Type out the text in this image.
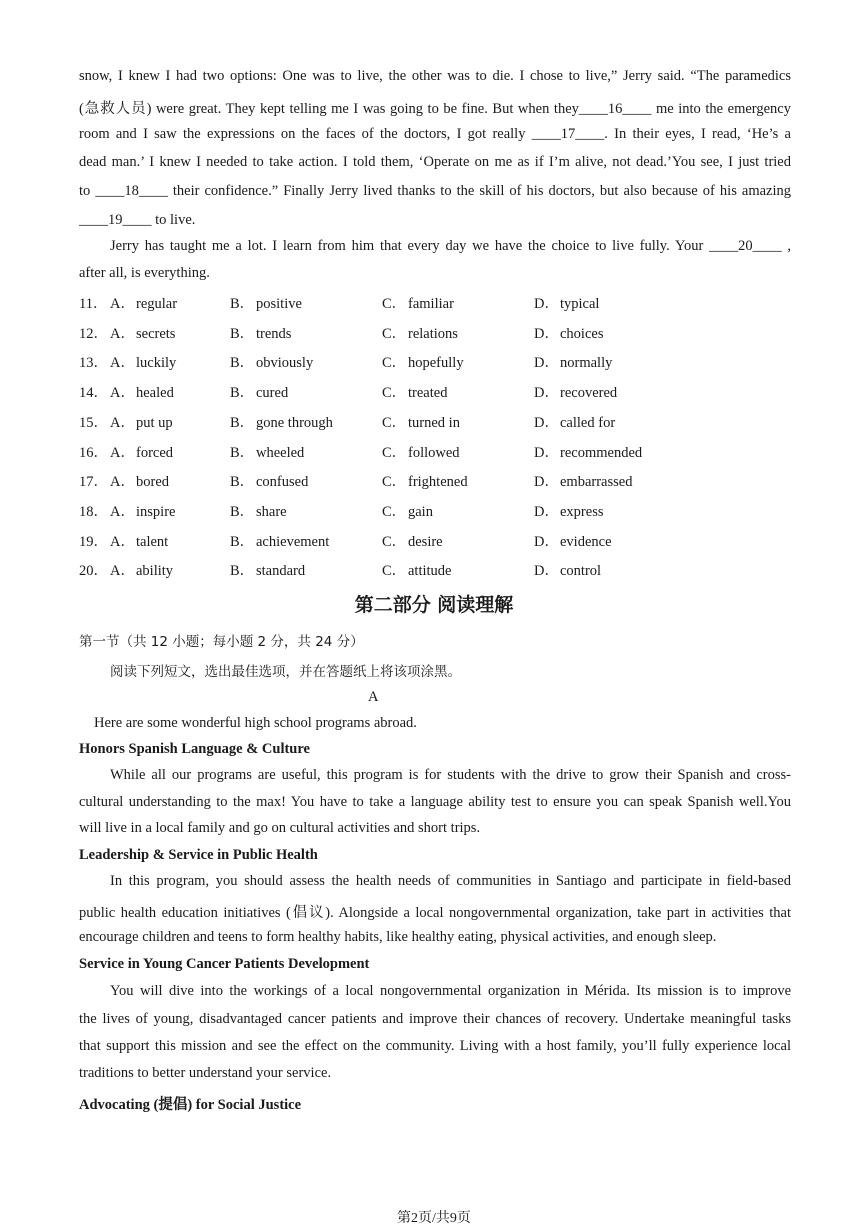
snow, I knew I had two options: One was to live, the other was to die. I chose to live,” Jerry said. “The paramedics
(急救人员) were great. They kept telling me I was going to be fine. But when they____16____ me into the emergency
room and I saw the expressions on the faces of the doctors, I got really ____17____. In their eyes, I read, ‘He’s a
dead man.’ I knew I needed to take action. I told them, ‘Operate on me as if I’m alive, not dead.’You see, I just tried
to ____18____ their confidence.” Finally Jerry lived thanks to the skill of his doctors, but also because of his amazing
____19____ to live.
Jerry has taught me a lot. I learn from him that every day we have the choice to live fully. Your ____20____ ,
after all, is everything.
11． A．regular	B． positive	C． familiar	D．typical
12． A．secrets	B． trends	C． relations	D．choices
13． A．luckily	B． obviously	C． hopefully	D．normally
14． A．healed	B． cured	C． treated	D．recovered
15． A．put up	B． gone through	C． turned in	D．called for
16． A．forced	B． wheeled	C． followed	D．recommended
17． A．bored	B． confused	C． frightened	D．embarrassed
18． A．inspire	B． share	C． gain	D．express
19． A．talent	B． achievement	C． desire	D．evidence
20． A．ability	B． standard	C． attitude	D．control
第二部分 阅读理解
第一节（共 12 小题；每小题 2 分，共 24 分）
阅读下列短文，选出最佳选项，并在答题纸上将该项涂黑。
A
Here are some wonderful high school programs abroad.
Honors Spanish Language & Culture
While all our programs are useful, this program is for students with the drive to grow their Spanish and cross-
cultural understanding to the max! You have to take a language ability test to ensure you can speak Spanish well.You
will live in a local family and go on cultural activities and short trips.
Leadership & Service in Public Health
In this program, you should assess the health needs of communities in Santiago and participate in field-based
public health education initiatives (倡议). Alongside a local nongovernmental organization, take part in activities that
encourage children and teens to form healthy habits, like healthy eating, physical activities, and enough sleep.
Service in Young Cancer Patients Development
You will dive into the workings of a local nongovernmental organization in Mérida. Its mission is to improve
the lives of young, disadvantaged cancer patients and improve their chances of recovery. Undertake meaningful tasks
that support this mission and see the effect on the community. Living with a host family, you’ll fully experience local
traditions to better understand your service.
Advocating (提倡) for Social Justice
第2页/共9页
